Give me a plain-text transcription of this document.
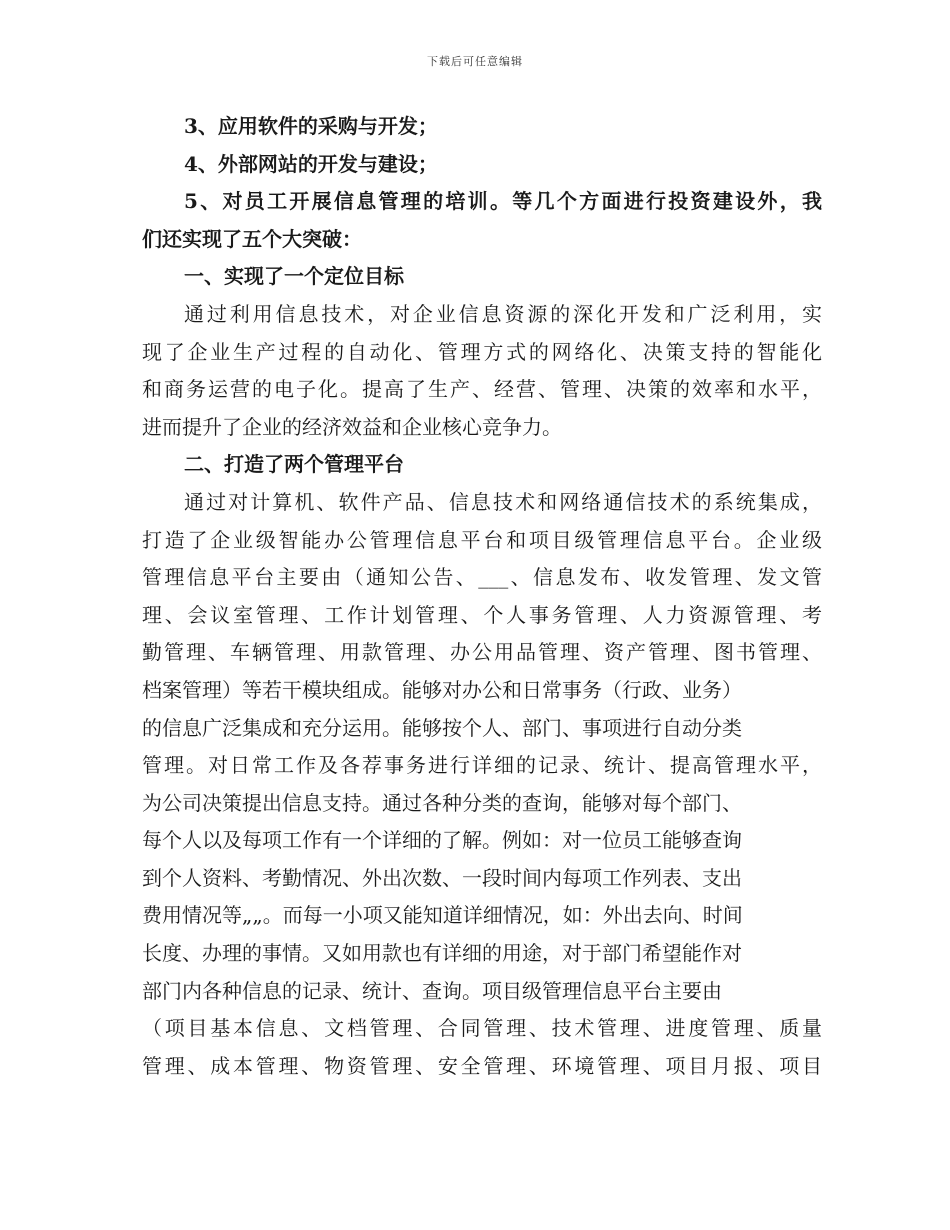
下载后可任意编辑
3、应用软件的采购与开发；
4、外部网站的开发与建设；
5、对员工开展信息管理的培训。等几个方面进行投资建设外，我
们还实现了五个大突破：
一、实现了一个定位目标
通过利用信息技术，对企业信息资源的深化开发和广泛利用，实
现了企业生产过程的自动化、管理方式的网络化、决策支持的智能化
和商务运营的电子化。提高了生产、经营、管理、决策的效率和水平，
进而提升了企业的经济效益和企业核心竞争力。
二、打造了两个管理平台
通过对计算机、软件产品、信息技术和网络通信技术的系统集成，
打造了企业级智能办公管理信息平台和项目级管理信息平台。企业级
管理信息平台主要由（通知公告、___、信息发布、收发管理、发文管
理、会议室管理、工作计划管理、个人事务管理、人力资源管理、考
勤管理、车辆管理、用款管理、办公用品管理、资产管理、图书管理、
档案管理）等若干模块组成。能够对办公和日常事务（行政、业务）
的信息广泛集成和充分运用。能够按个人、部门、事项进行自动分类
管理。对日常工作及各荐事务进行详细的记录、统计、提高管理水平，
为公司决策提出信息支持。通过各种分类的查询，能够对每个部门、
每个人以及每项工作有一个详细的了解。例如：对一位员工能够查询
到个人资料、考勤情况、外出次数、一段时间内每项工作列表、支出
费用情况等„„。而每一小项又能知道详细情况，如：外出去向、时间
长度、办理的事情。又如用款也有详细的用途，对于部门希望能作对
部门内各种信息的记录、统计、查询。项目级管理信息平台主要由
（项目基本信息、文档管理、合同管理、技术管理、进度管理、质量
管理、成本管理、物资管理、安全管理、环境管理、项目月报、项目
